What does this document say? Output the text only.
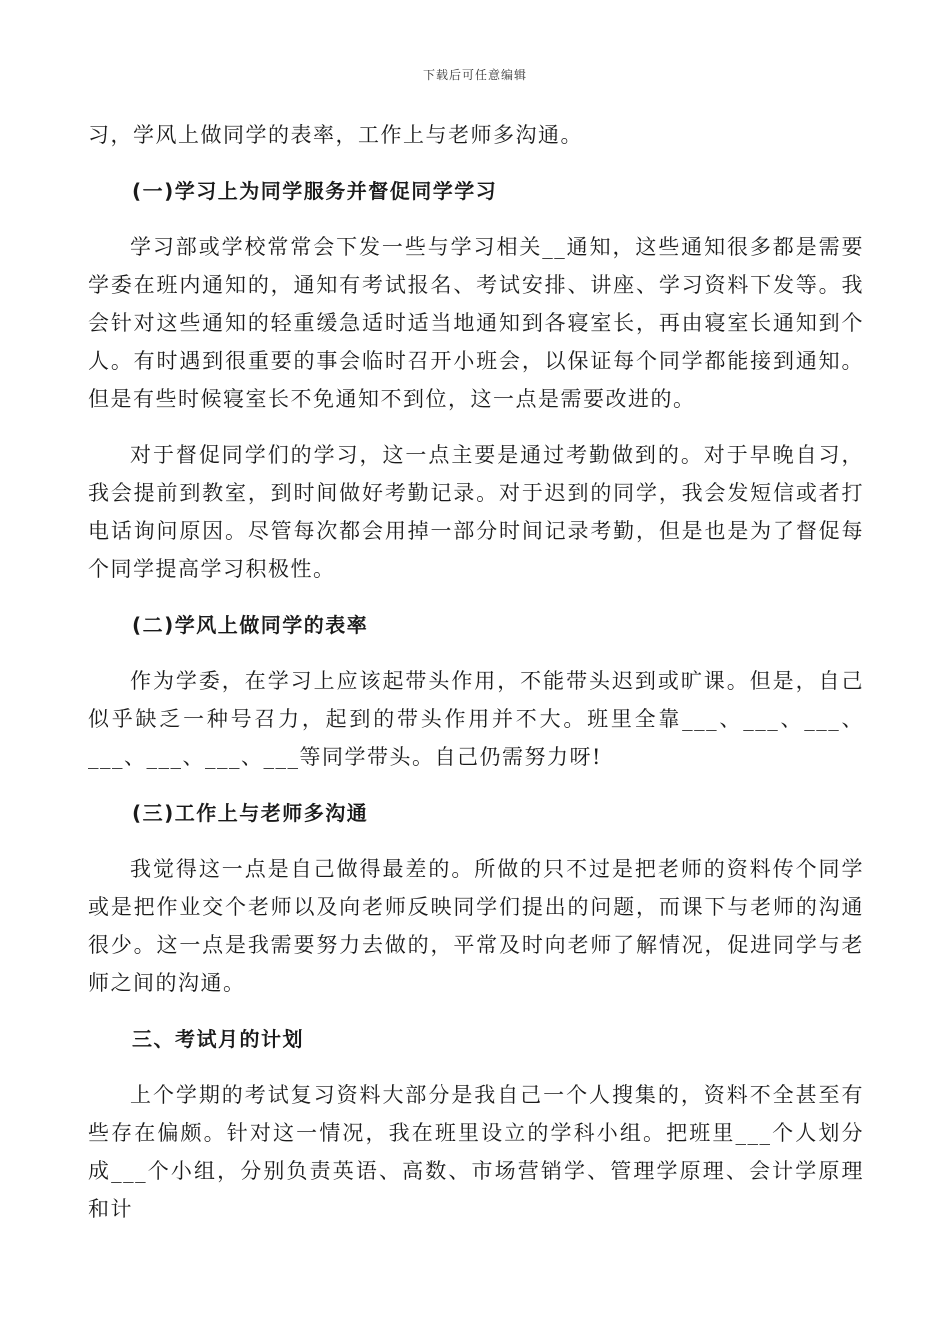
下载后可任意编辑

习，学风上做同学的表率，工作上与老师多沟通。

(一)学习上为同学服务并督促同学学习

学习部或学校常常会下发一些与学习相关__通知，这些通知很多都是需要学委在班内通知的，通知有考试报名、考试安排、讲座、学习资料下发等。我会针对这些通知的轻重缓急适时适当地通知到各寝室长，再由寝室长通知到个人。有时遇到很重要的事会临时召开小班会，以保证每个同学都能接到通知。但是有些时候寝室长不免通知不到位，这一点是需要改进的。

对于督促同学们的学习，这一点主要是通过考勤做到的。对于早晚自习，我会提前到教室，到时间做好考勤记录。对于迟到的同学，我会发短信或者打电话询问原因。尽管每次都会用掉一部分时间记录考勤，但是也是为了督促每个同学提高学习积极性。

(二)学风上做同学的表率

作为学委，在学习上应该起带头作用，不能带头迟到或旷课。但是，自己似乎缺乏一种号召力，起到的带头作用并不大。班里全靠___、___、___、___、___、___、___等同学带头。自己仍需努力呀!

(三)工作上与老师多沟通

我觉得这一点是自己做得最差的。所做的只不过是把老师的资料传个同学或是把作业交个老师以及向老师反映同学们提出的问题，而课下与老师的沟通很少。这一点是我需要努力去做的，平常及时向老师了解情况，促进同学与老师之间的沟通。

三、考试月的计划

上个学期的考试复习资料大部分是我自己一个人搜集的，资料不全甚至有些存在偏颇。针对这一情况，我在班里设立的学科小组。把班里___个人划分成___个小组，分别负责英语、高数、市场营销学、管理学原理、会计学原理和计
